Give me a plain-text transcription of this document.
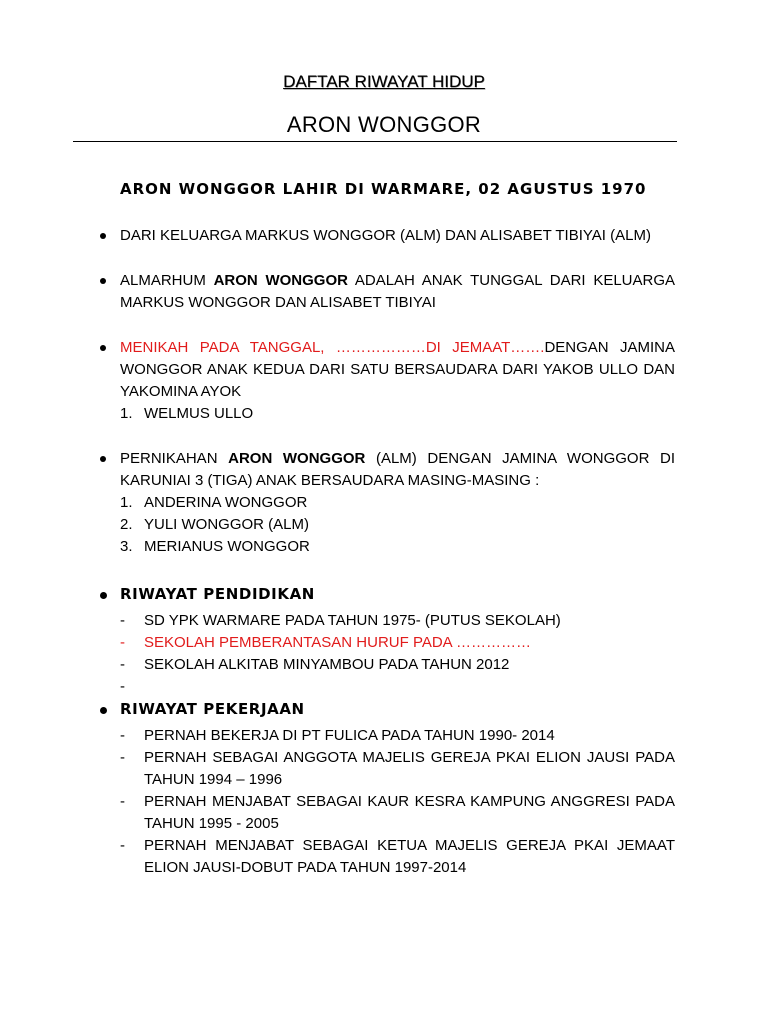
DAFTAR RIWAYAT HIDUP
ARON WONGGOR
ARON WONGGOR LAHIR DI WARMARE, 02 AGUSTUS 1970
DARI KELUARGA MARKUS WONGGOR (ALM) DAN ALISABET TIBIYAI (ALM)
ALMARHUM ARON WONGGOR ADALAH ANAK TUNGGAL DARI KELUARGA MARKUS WONGGOR DAN ALISABET TIBIYAI
MENIKAH PADA TANGGAL, ………………DI JEMAAT…….DENGAN JAMINA WONGGOR ANAK KEDUA DARI SATU BERSAUDARA DARI YAKOB ULLO DAN YAKOMINA AYOK
1. WELMUS ULLO
PERNIKAHAN ARON WONGGOR (ALM) DENGAN JAMINA WONGGOR DI KARUNIAI 3 (TIGA) ANAK BERSAUDARA MASING-MASING :
1. ANDERINA WONGGOR
2. YULI WONGGOR (ALM)
3. MERIANUS WONGGOR
RIWAYAT PENDIDIKAN
- SD YPK WARMARE PADA TAHUN 1975- (PUTUS SEKOLAH)
- SEKOLAH PEMBERANTASAN HURUF PADA ……………
- SEKOLAH ALKITAB MINYAMBOU PADA TAHUN 2012
-
RIWAYAT PEKERJAAN
- PERNAH BEKERJA DI PT FULICA PADA TAHUN 1990- 2014
- PERNAH SEBAGAI ANGGOTA MAJELIS GEREJA PKAI ELION JAUSI PADA TAHUN 1994 – 1996
- PERNAH MENJABAT SEBAGAI KAUR KESRA KAMPUNG ANGGRESI PADA TAHUN 1995 - 2005
- PERNAH MENJABAT SEBAGAI KETUA MAJELIS GEREJA PKAI JEMAAT ELION JAUSI-DOBUT PADA TAHUN 1997-2014
